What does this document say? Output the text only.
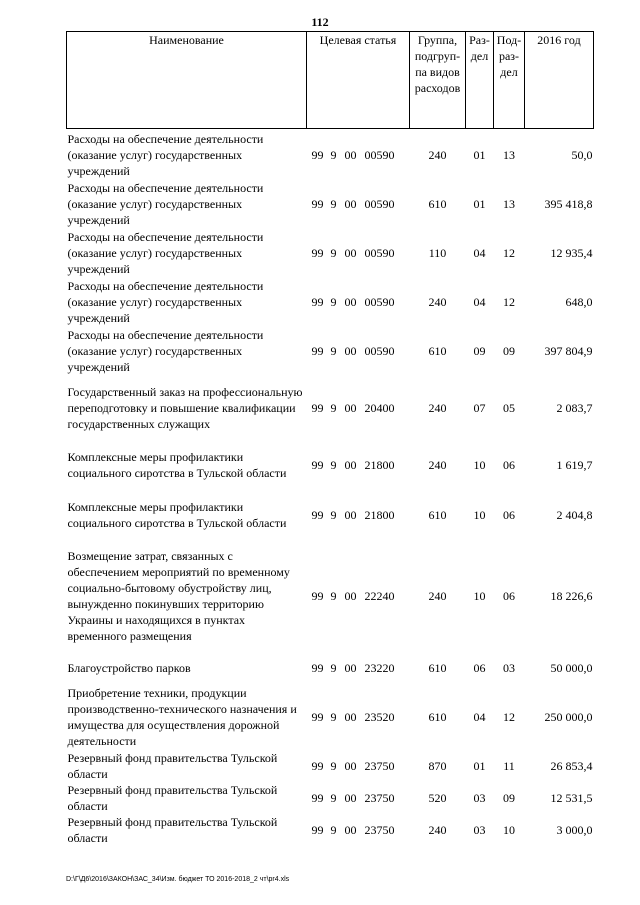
112
Наименование	Целевая статья	Группа, подгруп-па видов расходов	Раз-дел	Под-раз-дел	2016 год

Расходы на обеспечение деятельности (оказание услуг) государственных учреждений	99 9 00 00590	240	01	13	50,0
Расходы на обеспечение деятельности (оказание услуг) государственных учреждений	99 9 00 00590	610	01	13	395 418,8
Расходы на обеспечение деятельности (оказание услуг) государственных учреждений	99 9 00 00590	110	04	12	12 935,4
Расходы на обеспечение деятельности (оказание услуг) государственных учреждений	99 9 00 00590	240	04	12	648,0
Расходы на обеспечение деятельности (оказание услуг) государственных учреждений	99 9 00 00590	610	09	09	397 804,9
Государственный заказ на профессиональную переподготовку и повышение квалификации государственных служащих	99 9 00 20400	240	07	05	2 083,7
Комплексные меры профилактики социального сиротства в Тульской области	99 9 00 21800	240	10	06	1 619,7
Комплексные меры профилактики социального сиротства в Тульской области	99 9 00 21800	610	10	06	2 404,8
Возмещение затрат, связанных с обеспечением мероприятий по временному социально-бытовому обустройству лиц, вынужденно покинувших территорию Украины и находящихся в пунктах временного размещения	99 9 00 22240	240	10	06	18 226,6
Благоустройство парков	99 9 00 23220	610	06	03	50 000,0
Приобретение техники, продукции производственно-технического назначения и имущества для осуществления дорожной деятельности	99 9 00 23520	610	04	12	250 000,0
Резервный фонд правительства Тульской области	99 9 00 23750	870	01	11	26 853,4
Резервный фонд правительства Тульской области	99 9 00 23750	520	03	09	12 531,5
Резервный фонд правительства Тульской области	99 9 00 23750	240	03	10	3 000,0
D:\Г\Д6\2016\ЗАКОН\ЗАС_34\Изм. бюджет ТО 2016-2018_2 чт\pr4.xls
